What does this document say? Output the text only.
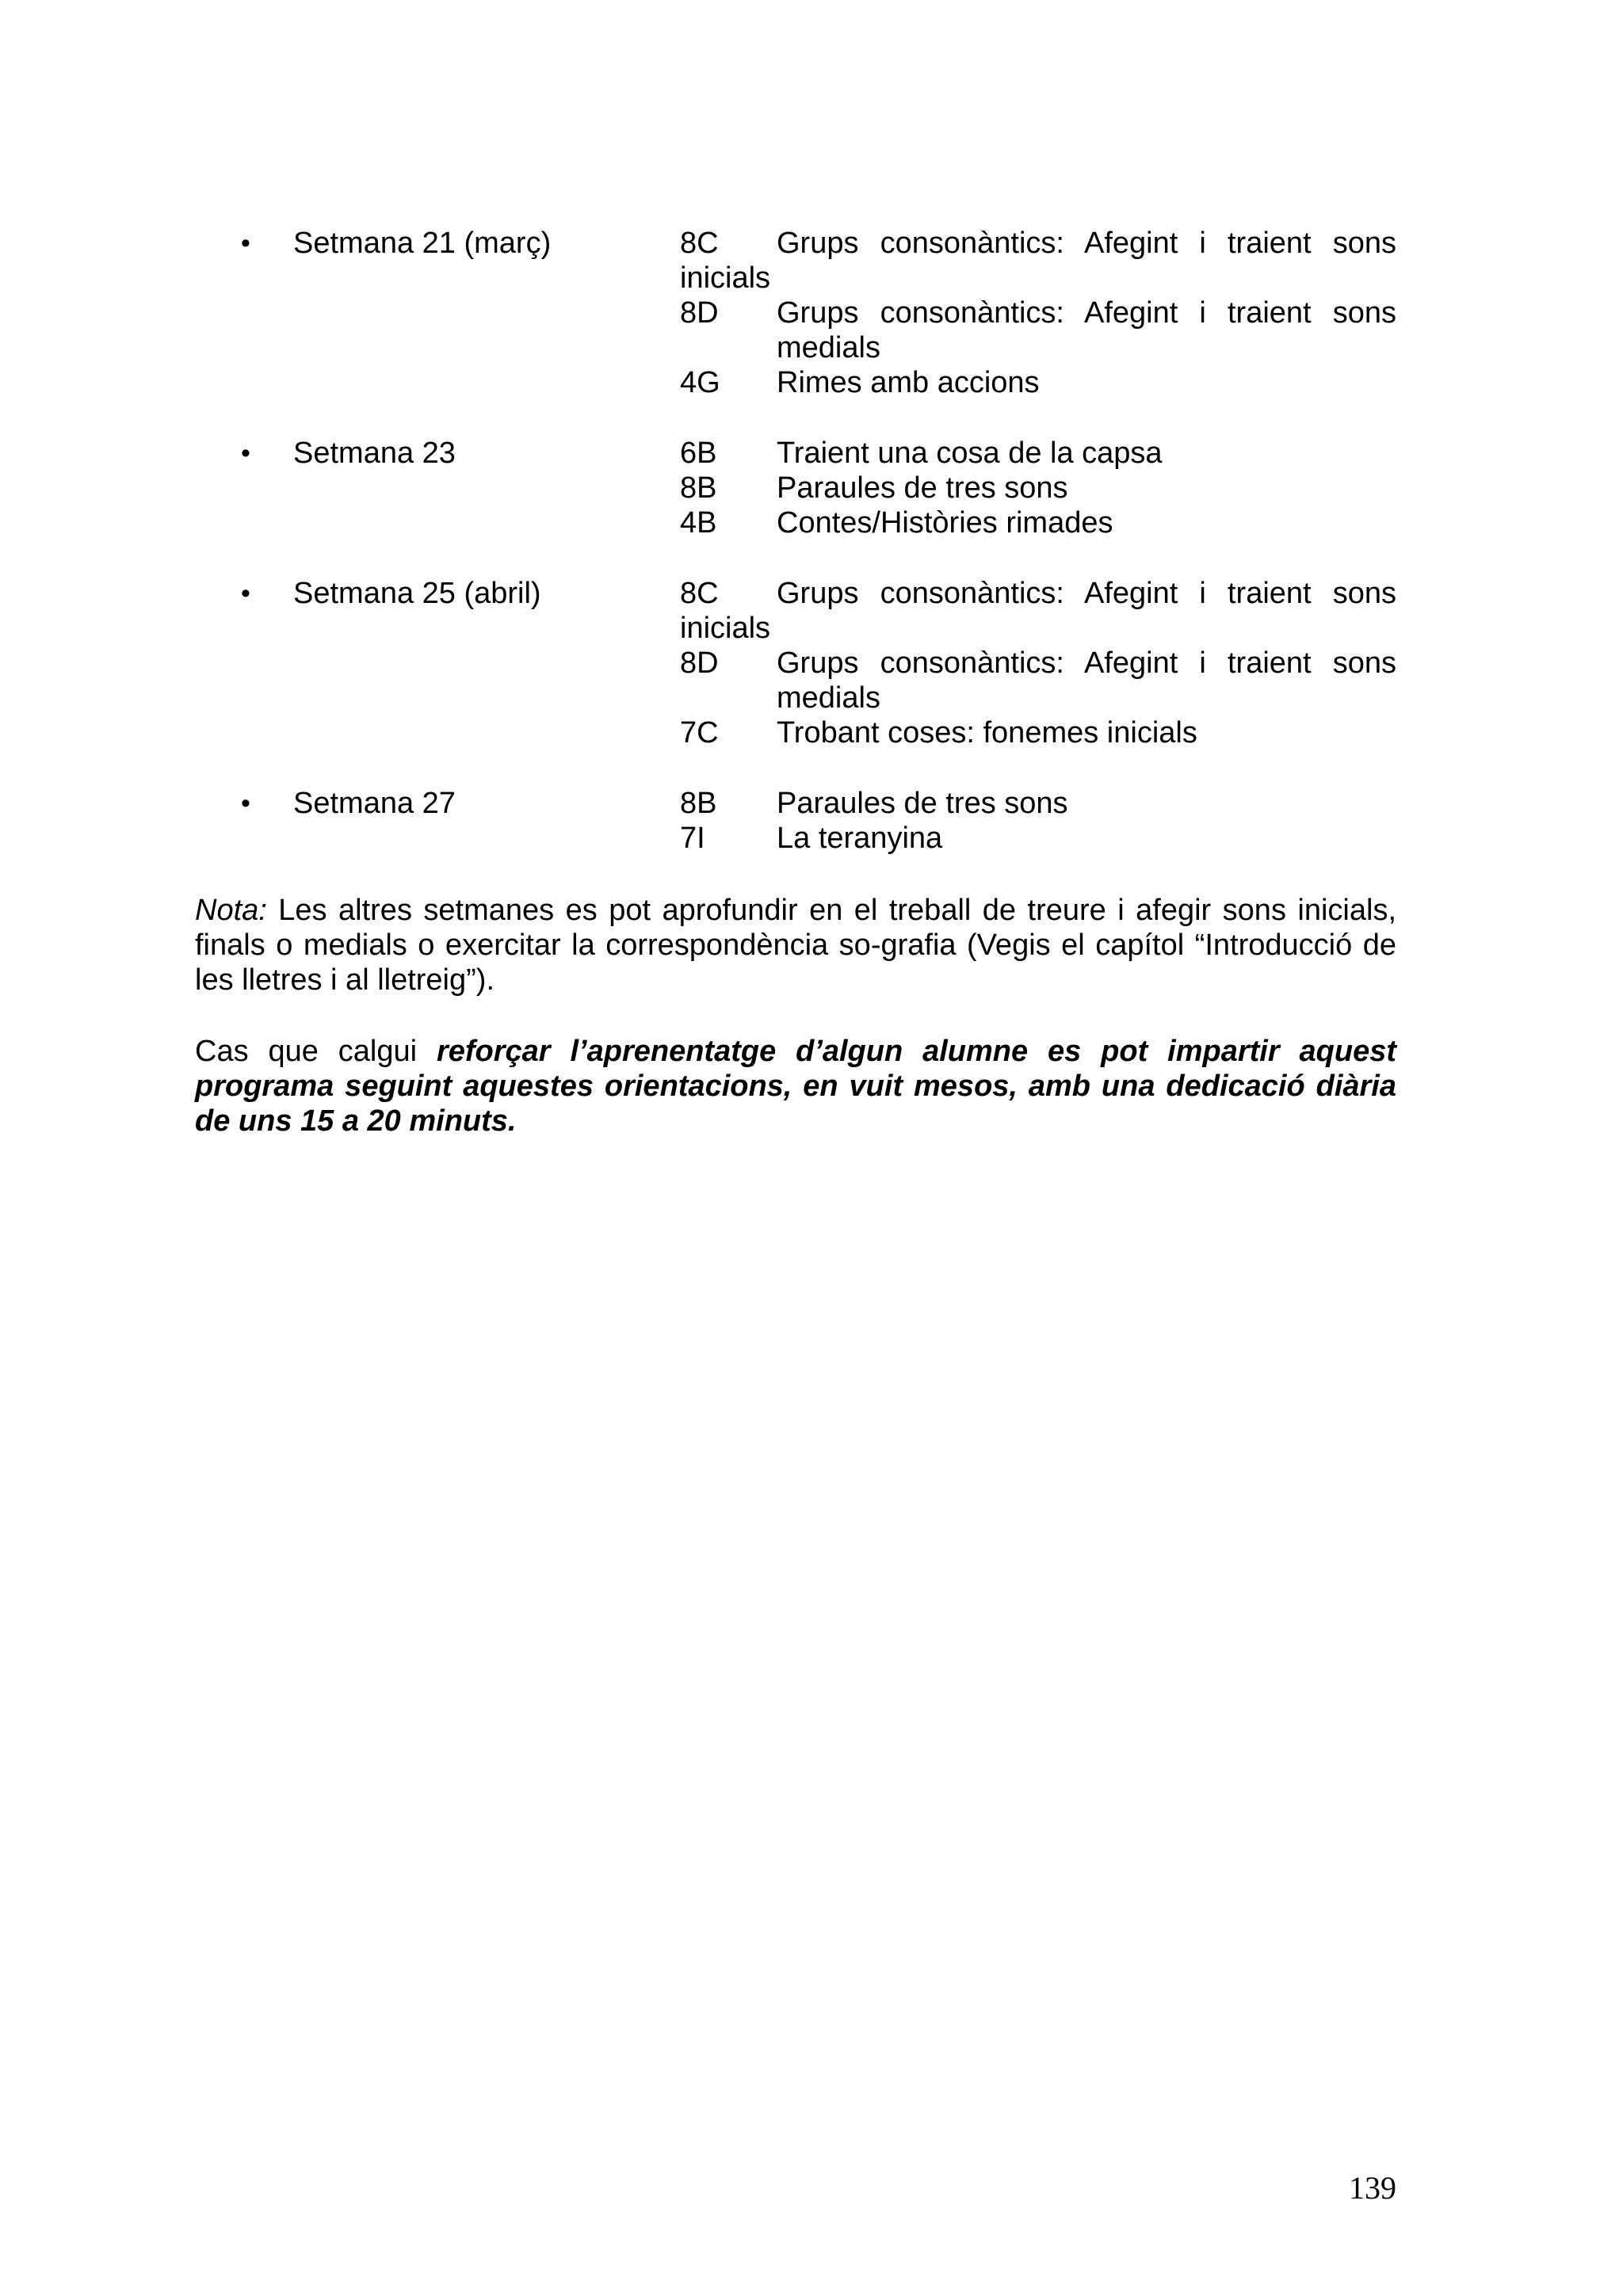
• Setmana 21 (març)	8C	Grups consonàntics: Afegint i traient sons
inicials
8D	Grups consonàntics: Afegint i traient sons
medials
4G	Rimes amb accions
• Setmana 23	6B	Traient una cosa de la capsa
8B	Paraules de tres sons
4B	Contes/Històries rimades
• Setmana 25 (abril)	8C	Grups consonàntics: Afegint i traient sons
inicials
8D	Grups consonàntics: Afegint i traient sons
medials
7C	Trobant coses: fonemes inicials
• Setmana 27	8B	Paraules de tres sons
7I	La teranyina

Nota: Les altres setmanes es pot aprofundir en el treball de treure i afegir sons inicials, finals o medials o exercitar la correspondència so-grafia (Vegis el capítol “Introducció de les lletres i al lletreig”).

Cas que calgui reforçar l’aprenentatge d’algun alumne es pot impartir aquest programa seguint aquestes orientacions, en vuit mesos, amb una dedicació diària de uns 15 a 20 minuts.

139
